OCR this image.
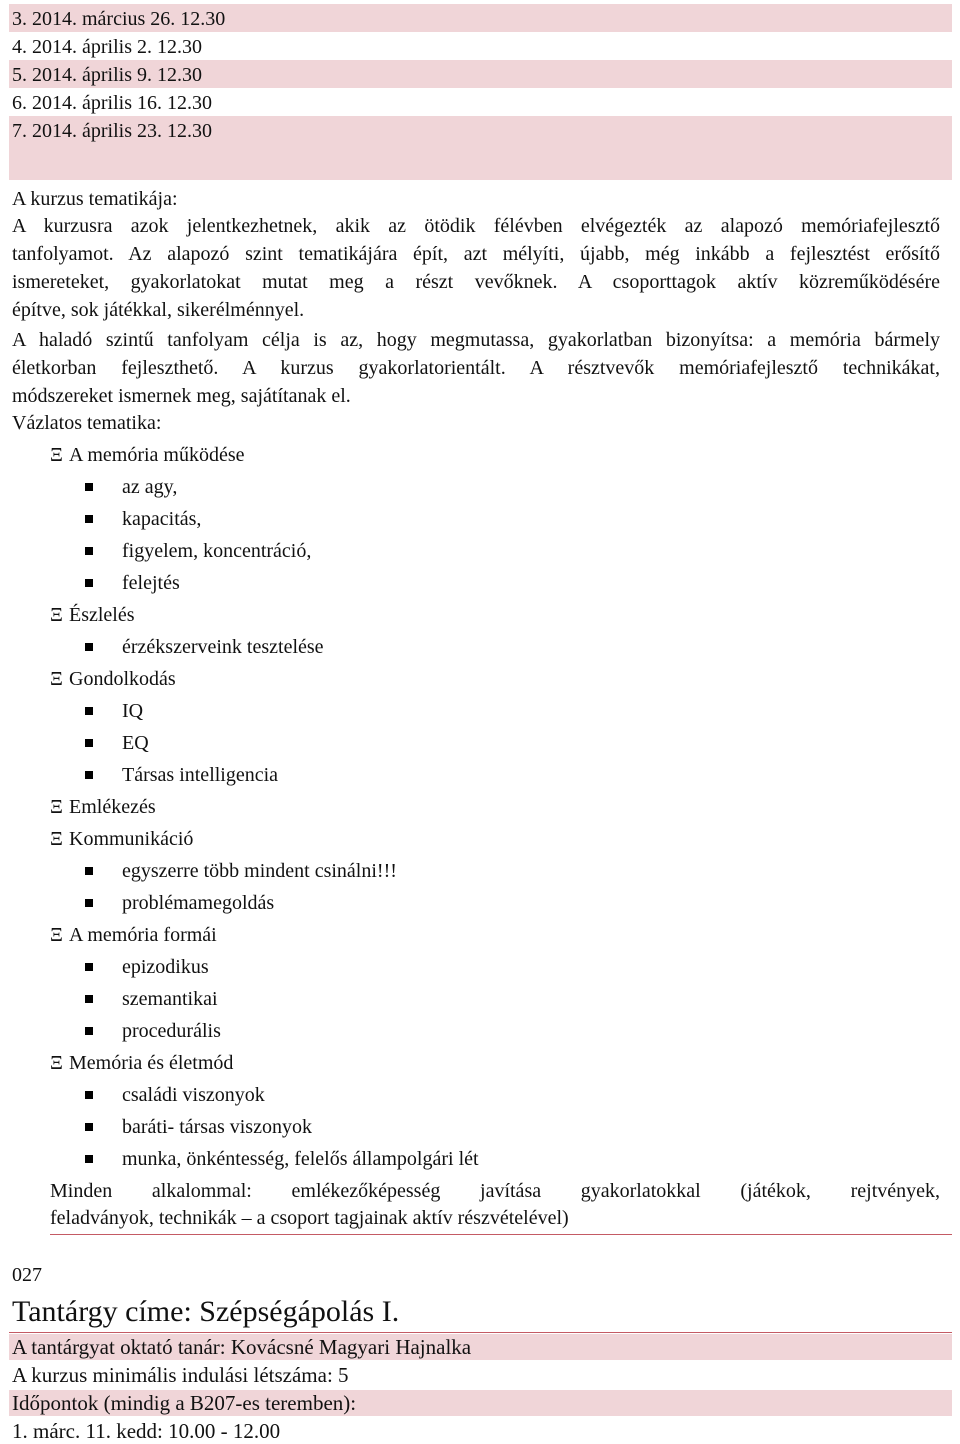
3. 2014. március 26. 12.30
4. 2014. április 2. 12.30
5. 2014. április 9. 12.30
6. 2014. április 16. 12.30
7. 2014. április 23. 12.30
A kurzus tematikája:
A kurzusra azok jelentkezhetnek, akik az ötödik félévben elvégezték az alapozó memóriafejlesztő
tanfolyamot. Az alapozó szint tematikájára épít, azt mélyíti, újabb, még inkább a fejlesztést erősítő
ismereteket, gyakorlatokat mutat meg a részt vevőknek. A csoporttagok aktív közreműködésére
építve, sok játékkal, sikerélménnyel.
A haladó szintű tanfolyam célja is az, hogy megmutassa, gyakorlatban bizonyítsa: a memória bármely
életkorban fejleszthető. A kurzus gyakorlatorientált. A résztvevők memóriafejlesztő technikákat,
módszereket ismernek meg, sajátítanak el.
Vázlatos tematika:
Ξ A memória működése
az agy,
kapacitás,
figyelem, koncentráció,
felejtés
Ξ Észlelés
érzékszerveink tesztelése
Ξ Gondolkodás
IQ
EQ
Társas intelligencia
Ξ Emlékezés
Ξ Kommunikáció
egyszerre több mindent csinálni!!!
problémamegoldás
Ξ A memória formái
epizodikus
szemantikai
procedurális
Ξ Memória és életmód
családi viszonyok
baráti- társas viszonyok
munka, önkéntesség, felelős állampolgári lét
Minden alkalommal: emlékezőképesség javítása gyakorlatokkal (játékok, rejtvények,
feladványok, technikák – a csoport tagjainak aktív részvételével)
027
Tantárgy címe: Szépségápolás I.
A tantárgyat oktató tanár: Kovácsné Magyari Hajnalka
A kurzus minimális indulási létszáma: 5
Időpontok (mindig a B207-es teremben):
1. márc. 11. kedd: 10.00 - 12.00
